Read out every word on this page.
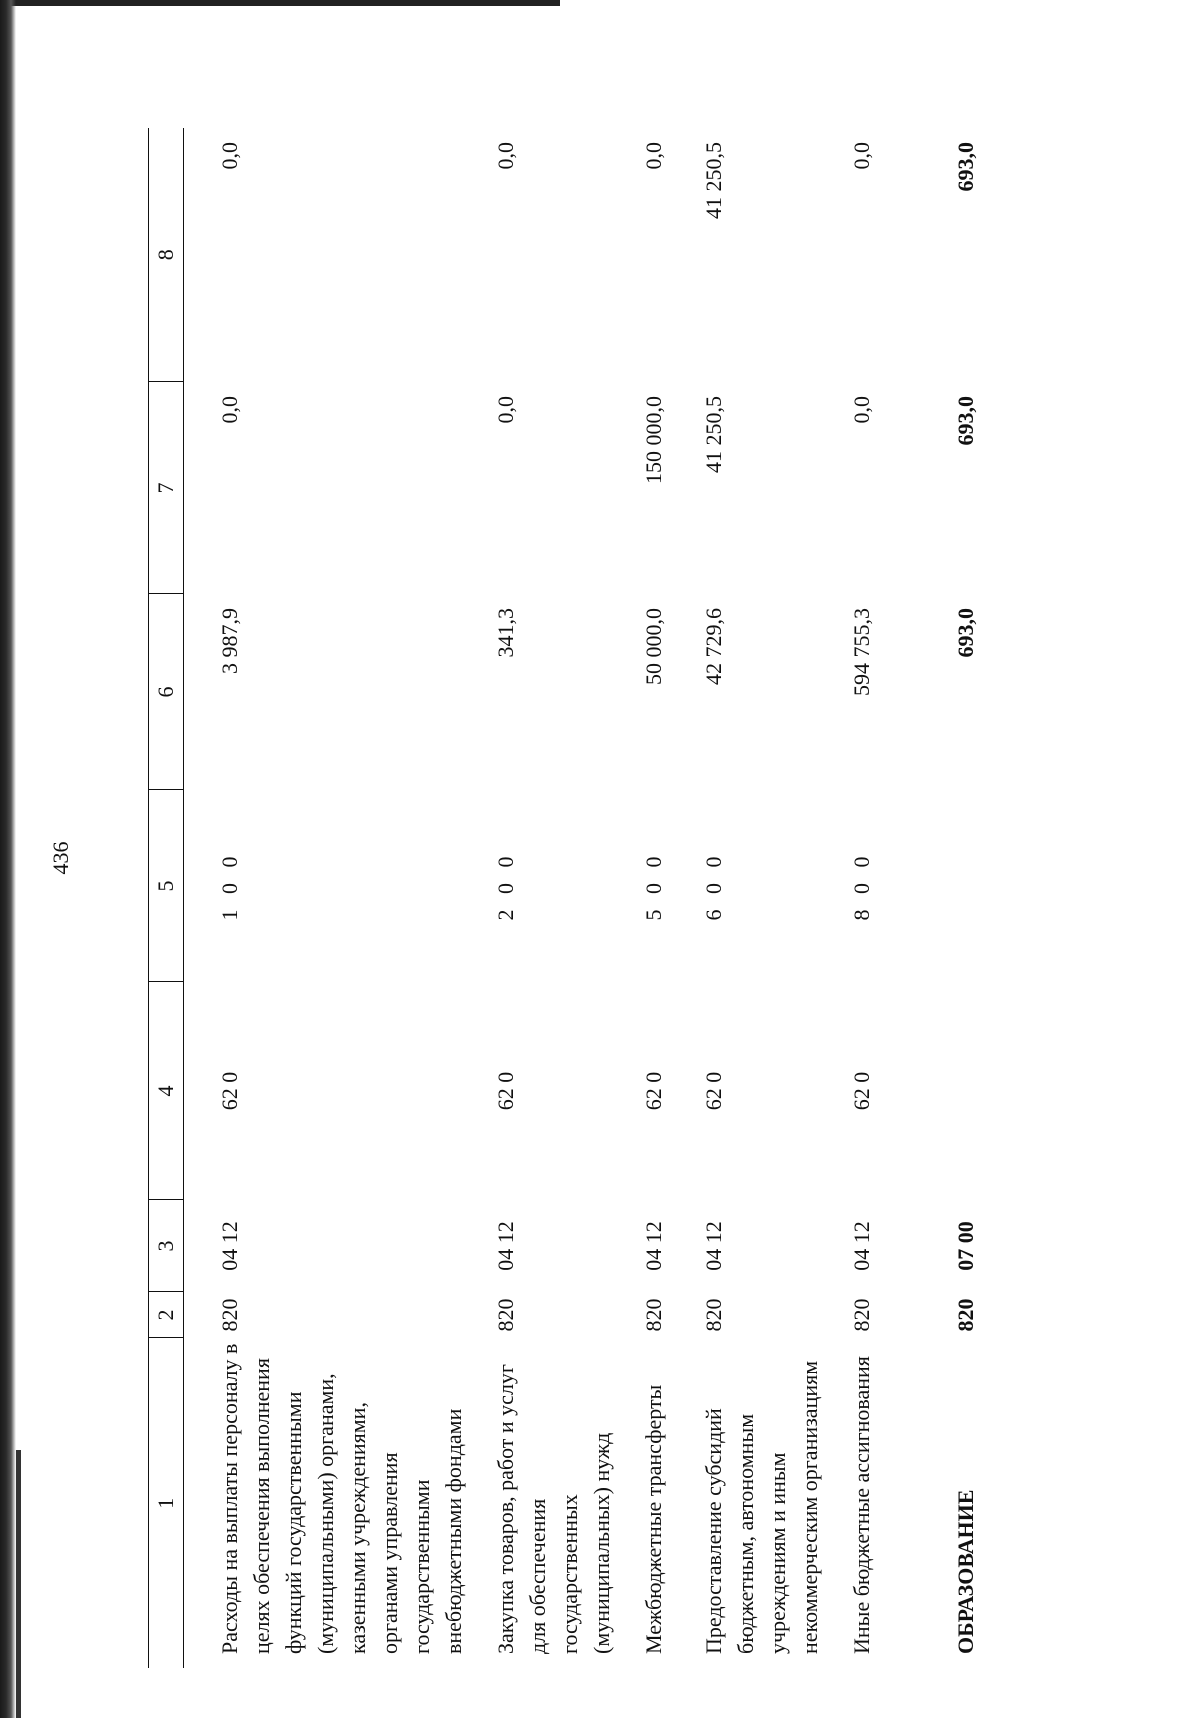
436
1	2	3	4	5	6	7	8
Расходы на выплаты персоналу в целях обеспечения выполнения функций государственными (муниципальными) органами, казенными учреждениями, органами управления государственными внебюджетными фондами	820	04 12	62 0	1 0 0	3 987,9	0,0	0,0
Закупка товаров, работ и услуг для обеспечения государственных (муниципальных) нужд	820	04 12	62 0	2 0 0	341,3	0,0	0,0
Межбюджетные трансферты	820	04 12	62 0	5 0 0	50 000,0	150 000,0	0,0
Предоставление субсидий бюджетным, автономным учреждениям и иным некоммерческим организациям	820	04 12	62 0	6 0 0	42 729,6	41 250,5	41 250,5
Иные бюджетные ассигнования	820	04 12	62 0	8 0 0	594 755,3	0,0	0,0
ОБРАЗОВАНИЕ	820	07 00			693,0	693,0	693,0
